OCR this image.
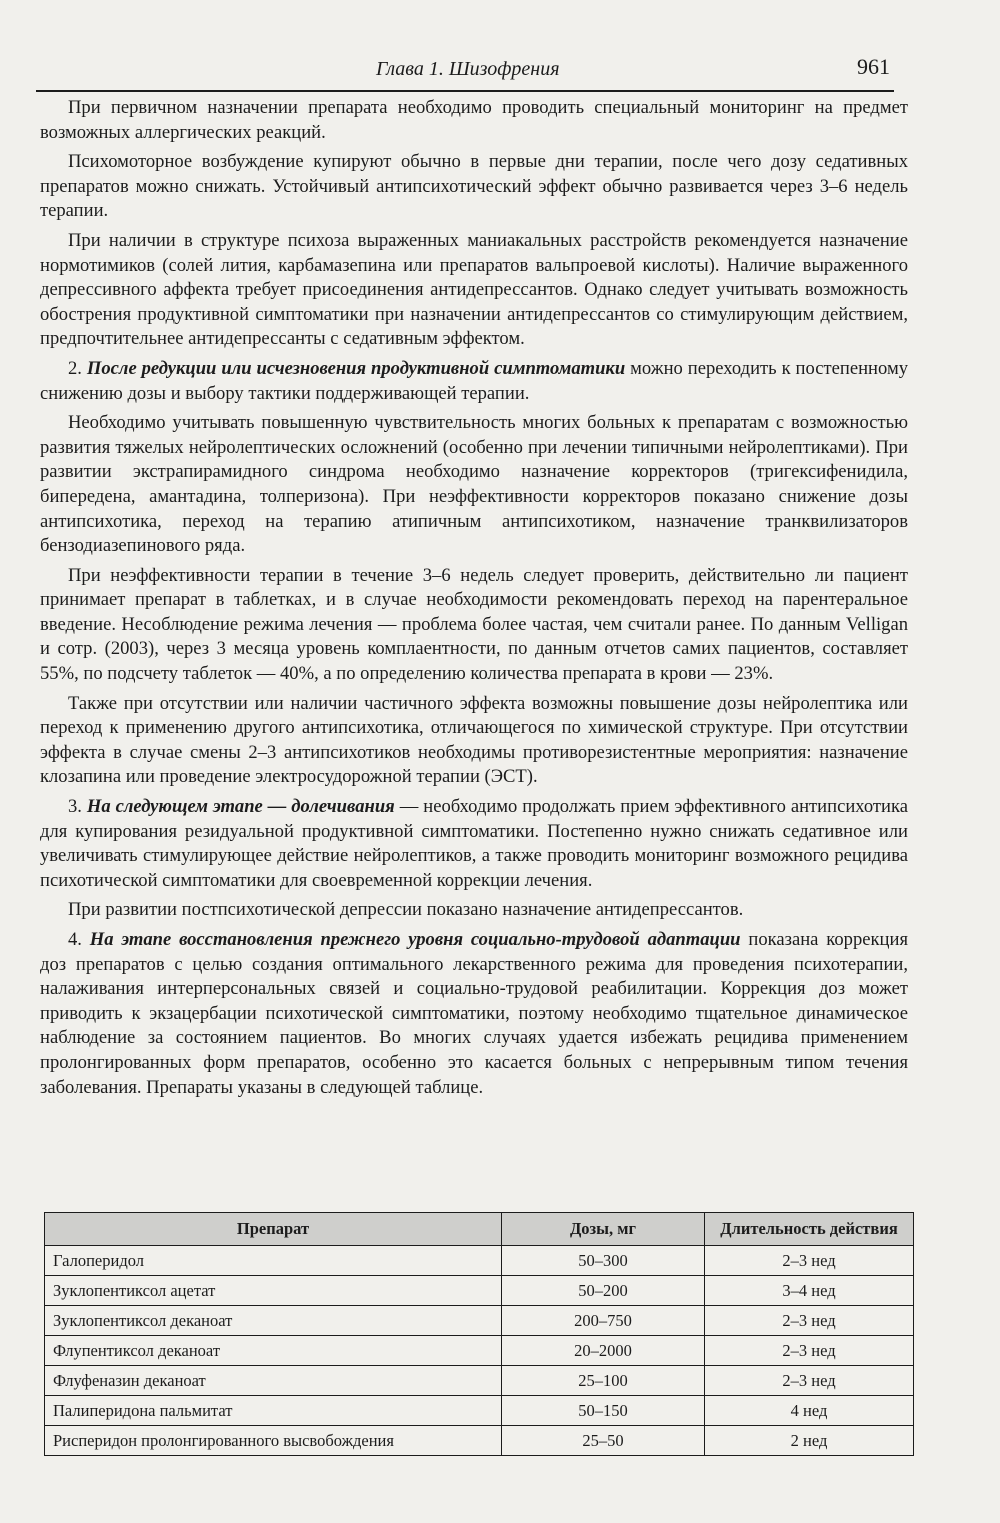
Глава 1. Шизофрения	961

При первичном назначении препарата необходимо проводить специальный мониторинг на предмет возможных аллергических реакций.

Психомоторное возбуждение купируют обычно в первые дни терапии, после чего дозу седативных препаратов можно снижать. Устойчивый антипсихотический эффект обычно развивается через 3–6 недель терапии.

При наличии в структуре психоза выраженных маниакальных расстройств рекомендуется назначение нормотимиков (солей лития, карбамазепина или препаратов вальпроевой кислоты). Наличие выраженного депрессивного аффекта требует присоединения антидепрессантов. Однако следует учитывать возможность обострения продуктивной симптоматики при назначении антидепрессантов со стимулирующим действием, предпочтительнее антидепрессанты с седативным эффектом.

2. После редукции или исчезновения продуктивной симптоматики можно переходить к постепенному снижению дозы и выбору тактики поддерживающей терапии.

Необходимо учитывать повышенную чувствительность многих больных к препаратам с возможностью развития тяжелых нейролептических осложнений (особенно при лечении типичными нейролептиками). При развитии экстрапирамидного синдрома необходимо назначение корректоров (тригексифенидила, бипередена, амантадина, толперизона). При неэффективности корректоров показано снижение дозы антипсихотика, переход на терапию атипичным антипсихотиком, назначение транквилизаторов бензодиазепинового ряда.

При неэффективности терапии в течение 3–6 недель следует проверить, действительно ли пациент принимает препарат в таблетках, и в случае необходимости рекомендовать переход на парентеральное введение. Несоблюдение режима лечения — проблема более частая, чем считали ранее. По данным Velligan и сотр. (2003), через 3 месяца уровень комплаентности, по данным отчетов самих пациентов, составляет 55%, по подсчету таблеток — 40%, а по определению количества препарата в крови — 23%.

Также при отсутствии или наличии частичного эффекта возможны повышение дозы нейролептика или переход к применению другого антипсихотика, отличающегося по химической структуре. При отсутствии эффекта в случае смены 2–3 антипсихотиков необходимы противорезистентные мероприятия: назначение клозапина или проведение электросудорожной терапии (ЭСТ).

3. На следующем этапе — долечивания — необходимо продолжать прием эффективного антипсихотика для купирования резидуальной продуктивной симптоматики. Постепенно нужно снижать седативное или увеличивать стимулирующее действие нейролептиков, а также проводить мониторинг возможного рецидива психотической симптоматики для своевременной коррекции лечения.

При развитии постпсихотической депрессии показано назначение антидепрессантов.

4. На этапе восстановления прежнего уровня социально-трудовой адаптации показана коррекция доз препаратов с целью создания оптимального лекарственного режима для проведения психотерапии, налаживания интерперсональных связей и социально-трудовой реабилитации. Коррекция доз может приводить к экзацербации психотической симптоматики, поэтому необходимо тщательное динамическое наблюдение за состоянием пациентов. Во многих случаях удается избежать рецидива применением пролонгированных форм препаратов, особенно это касается больных с непрерывным типом течения заболевания. Препараты указаны в следующей таблице.

Препарат	Дозы, мг	Длительность действия
Галоперидол	50–300	2–3 нед
Зуклопентиксол ацетат	50–200	3–4 нед
Зуклопентиксол деканоат	200–750	2–3 нед
Флупентиксол деканоат	20–2000	2–3 нед
Флуфеназин деканоат	25–100	2–3 нед
Палиперидона пальмитат	50–150	4 нед
Рисперидон пролонгированного высвобождения	25–50	2 нед
